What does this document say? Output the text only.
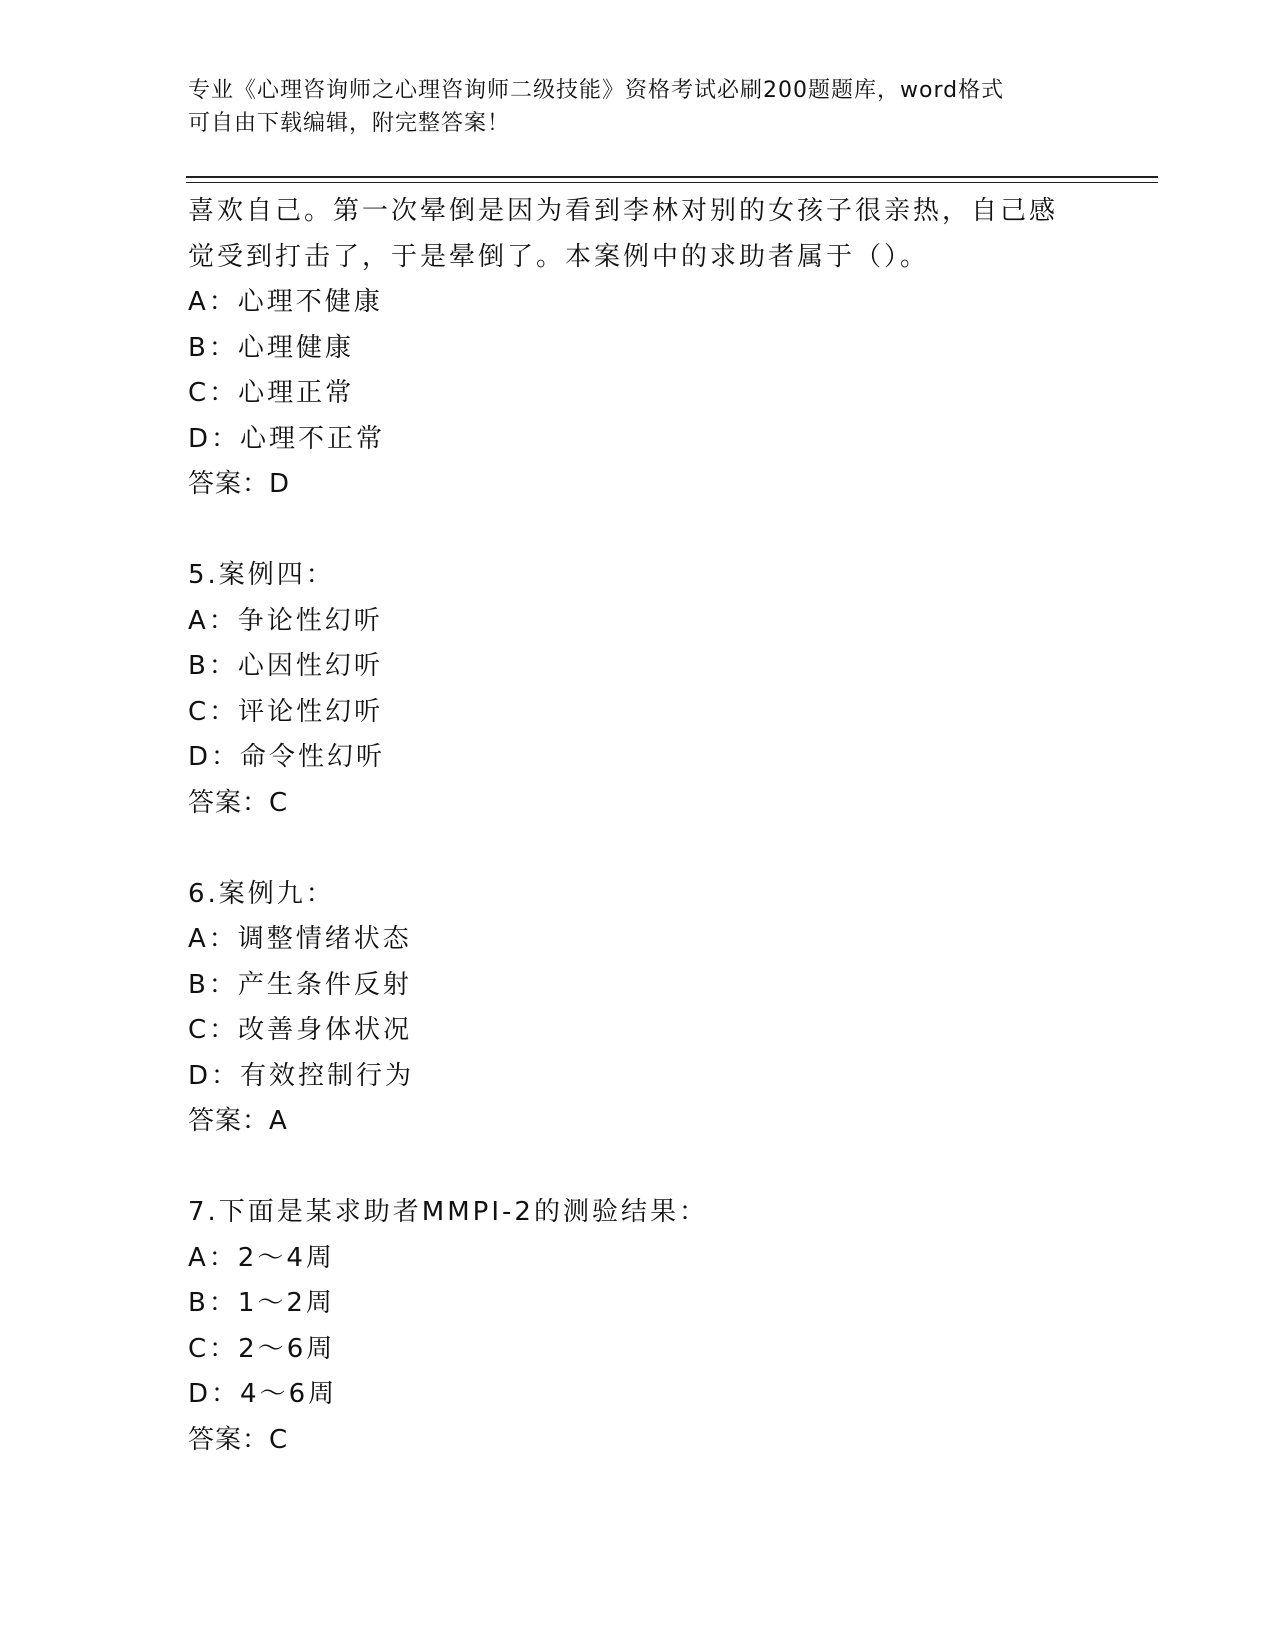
专业《心理咨询师之心理咨询师二级技能》资格考试必刷200题题库，word格式
可自由下载编辑，附完整答案！
喜欢自己。第一次晕倒是因为看到李林对别的女孩子很亲热，自己感
觉受到打击了，于是晕倒了。本案例中的求助者属于（）。
A：心理不健康
B：心理健康
C：心理正常
D：心理不正常
答案：D
5.案例四：
A：争论性幻听
B：心因性幻听
C：评论性幻听
D：命令性幻听
答案：C
6.案例九：
A：调整情绪状态
B：产生条件反射
C：改善身体状况
D：有效控制行为
答案：A
7.下面是某求助者MMPI-2的测验结果：
A：2～4周
B：1～2周
C：2～6周
D：4～6周
答案：C
